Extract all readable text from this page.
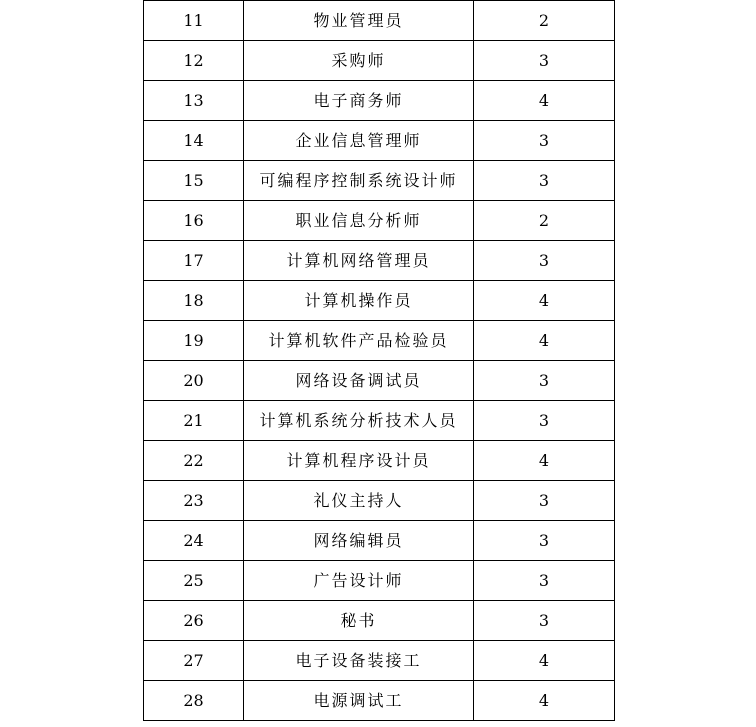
11	物业管理员	2
12	采购师	3
13	电子商务师	4
14	企业信息管理师	3
15	可编程序控制系统设计师	3
16	职业信息分析师	2
17	计算机网络管理员	3
18	计算机操作员	4
19	计算机软件产品检验员	4
20	网络设备调试员	3
21	计算机系统分析技术人员	3
22	计算机程序设计员	4
23	礼仪主持人	3
24	网络编辑员	3
25	广告设计师	3
26	秘书	3
27	电子设备装接工	4
28	电源调试工	4
